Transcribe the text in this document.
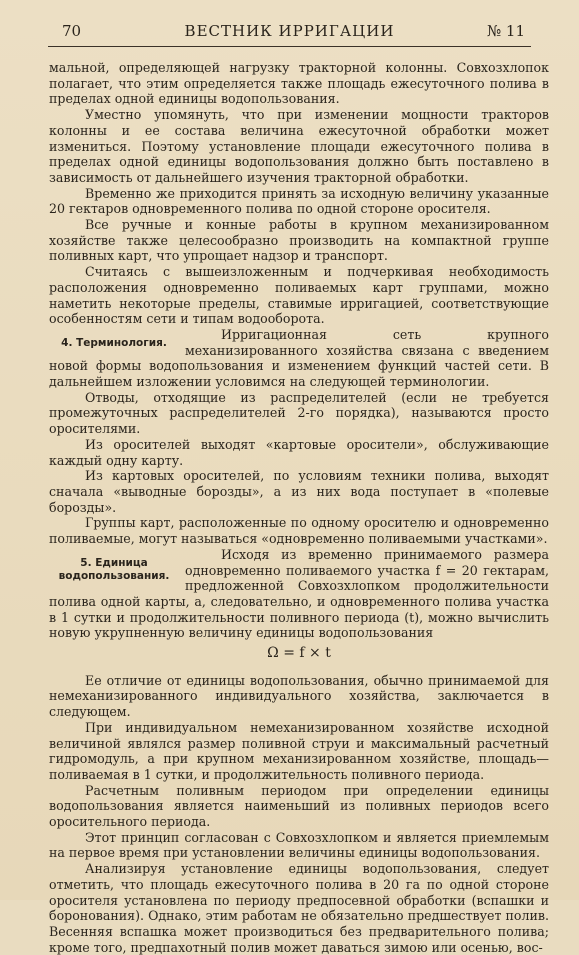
70	ВЕСТНИК ИРРИГАЦИИ	№ 11

мальной, определяющей нагрузку тракторной колонны. Совхозхлопок полагает, что этим определяется также площадь ежесуточного полива в пределах одной единицы водопользования.

Уместно упомянуть, что при изменении мощности тракторов колонны и ее состава величина ежесуточной обработки может измениться. Поэтому установление площади ежесуточного полива в пределах одной единицы водопользования должно быть поставлено в зависимость от дальнейшего изучения тракторной обработки.

Временно же приходится принять за исходную величину указанные 20 гектаров одновременного полива по одной стороне оросителя.

Все ручные и конные работы в крупном механизированном хозяйстве также целесообразно производить на компактной группе поливных карт, что упрощает надзор и транспорт.

Считаясь с вышеизложенным и подчеркивая необходимость расположения одновременно поливаемых карт группами, можно наметить некоторые пределы, ставимые ирригацией, соответствующие особенностям сети и типам водооборота.

4. Терминология.

Ирригационная сеть крупного механизированного хозяйства связана с введением новой формы водопользования и изменением функций частей сети. В дальнейшем изложении условимся на следующей терминологии.

Отводы, отходящие из распределителей (если не требуется промежуточных распределителей 2-го порядка), называются просто оросителями.

Из оросителей выходят «картовые оросители», обслуживающие каждый одну карту.

Из картовых оросителей, по условиям техники полива, выходят сначала «выводные борозды», а из них вода поступает в «полевые борозды».

Группы карт, расположенные по одному оросителю и одновременно поливаемые, могут называться «одновременно поливаемыми участками».

5. Единица водопользования.

Исходя из временно принимаемого размера одновременно поливаемого участка f = 20 гектарам, предложенной Совхозхлопком продолжительности полива одной карты, а, следовательно, и одновременного полива участка в 1 сутки и продолжительности поливного периода (t), можно вычислить новую укрупненную величину единицы водопользования

Ω = f × t

Ее отличие от единицы водопользования, обычно принимаемой для немеханизированного индивидуального хозяйства, заключается в следующем.

При индивидуальном немеханизированном хозяйстве исходной величиной являлся размер поливной струи и максимальный расчетный гидромодуль, а при крупном механизированном хозяйстве, площадь—поливаемая в 1 сутки, и продолжительность поливного периода.

Расчетным поливным периодом при определении единицы водопользования является наименьший из поливных периодов всего оросительного периода.

Этот принцип согласован с Совхозхлопком и является приемлемым на первое время при установлении величины единицы водопользования.

Анализируя установление единицы водопользования, следует отметить, что площадь ежесуточного полива в 20 га по одной стороне оросителя установлена по периоду предпосевной обработки (вспашки и боронования). Однако, этим работам не обязательно предшествует полив. Весенняя вспашка может производиться без предварительного полива; кроме того, предпахотный полив может даваться зимою или осенью, вос-
